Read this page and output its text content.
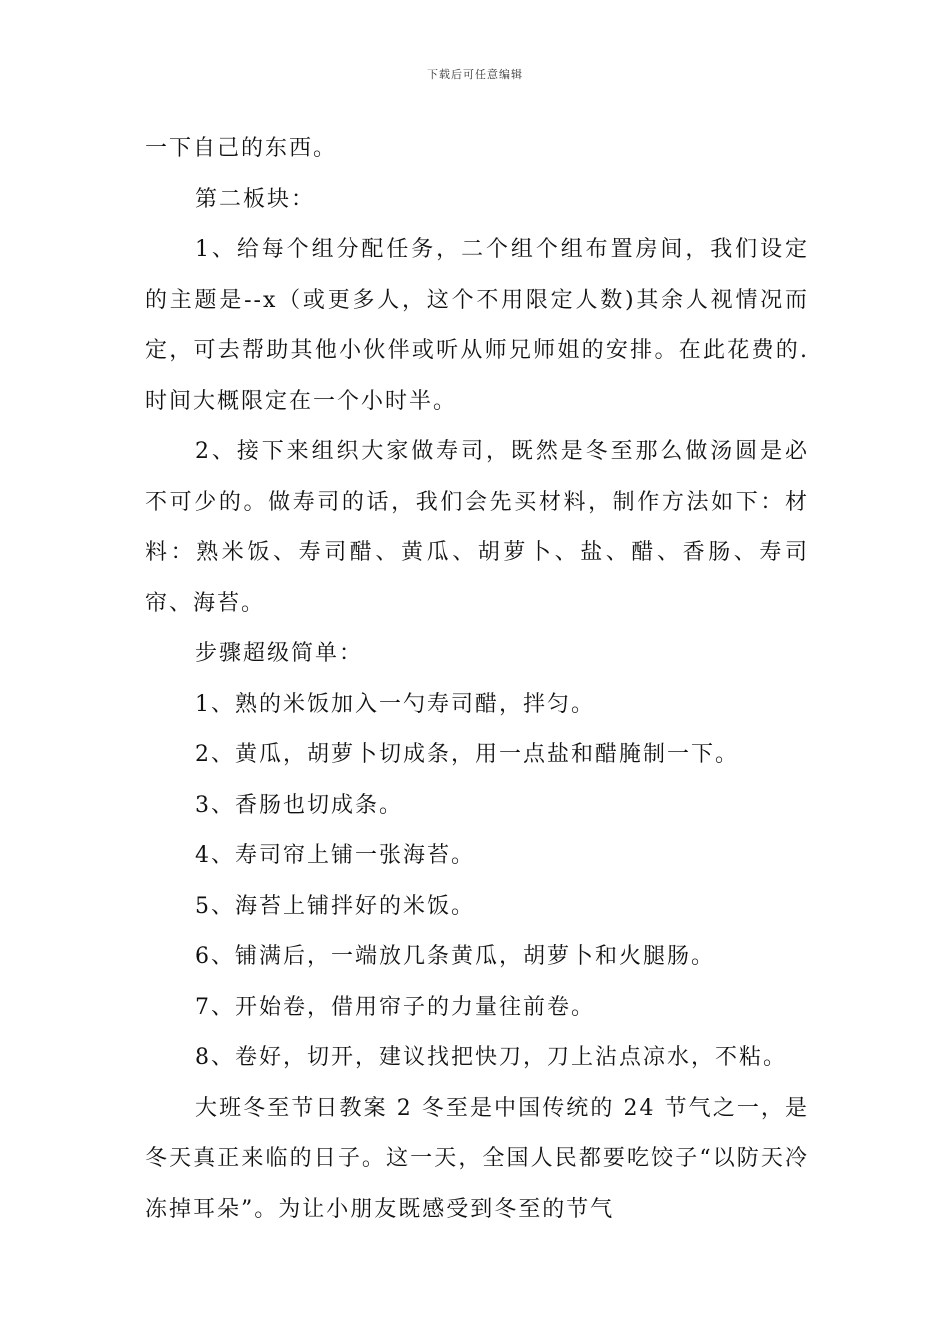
下载后可任意编辑

一下自己的东西。

第二板块：

1、给每个组分配任务，二个组个组布置房间，我们设定的主题是--x（或更多人，这个不用限定人数)其余人视情况而定，可去帮助其他小伙伴或听从师兄师姐的安排。在此花费的.时间大概限定在一个小时半。

2、接下来组织大家做寿司，既然是冬至那么做汤圆是必不可少的。做寿司的话，我们会先买材料，制作方法如下：材料：熟米饭、寿司醋、黄瓜、胡萝卜、盐、醋、香肠、寿司帘、海苔。

步骤超级简单：

1、熟的米饭加入一勺寿司醋，拌匀。

2、黄瓜，胡萝卜切成条，用一点盐和醋腌制一下。

3、香肠也切成条。

4、寿司帘上铺一张海苔。

5、海苔上铺拌好的米饭。

6、铺满后，一端放几条黄瓜，胡萝卜和火腿肠。

7、开始卷，借用帘子的力量往前卷。

8、卷好，切开，建议找把快刀，刀上沾点凉水，不粘。

大班冬至节日教案 2 冬至是中国传统的 24 节气之一，是冬天真正来临的日子。这一天，全国人民都要吃饺子“以防天冷冻掉耳朵”。为让小朋友既感受到冬至的节气
